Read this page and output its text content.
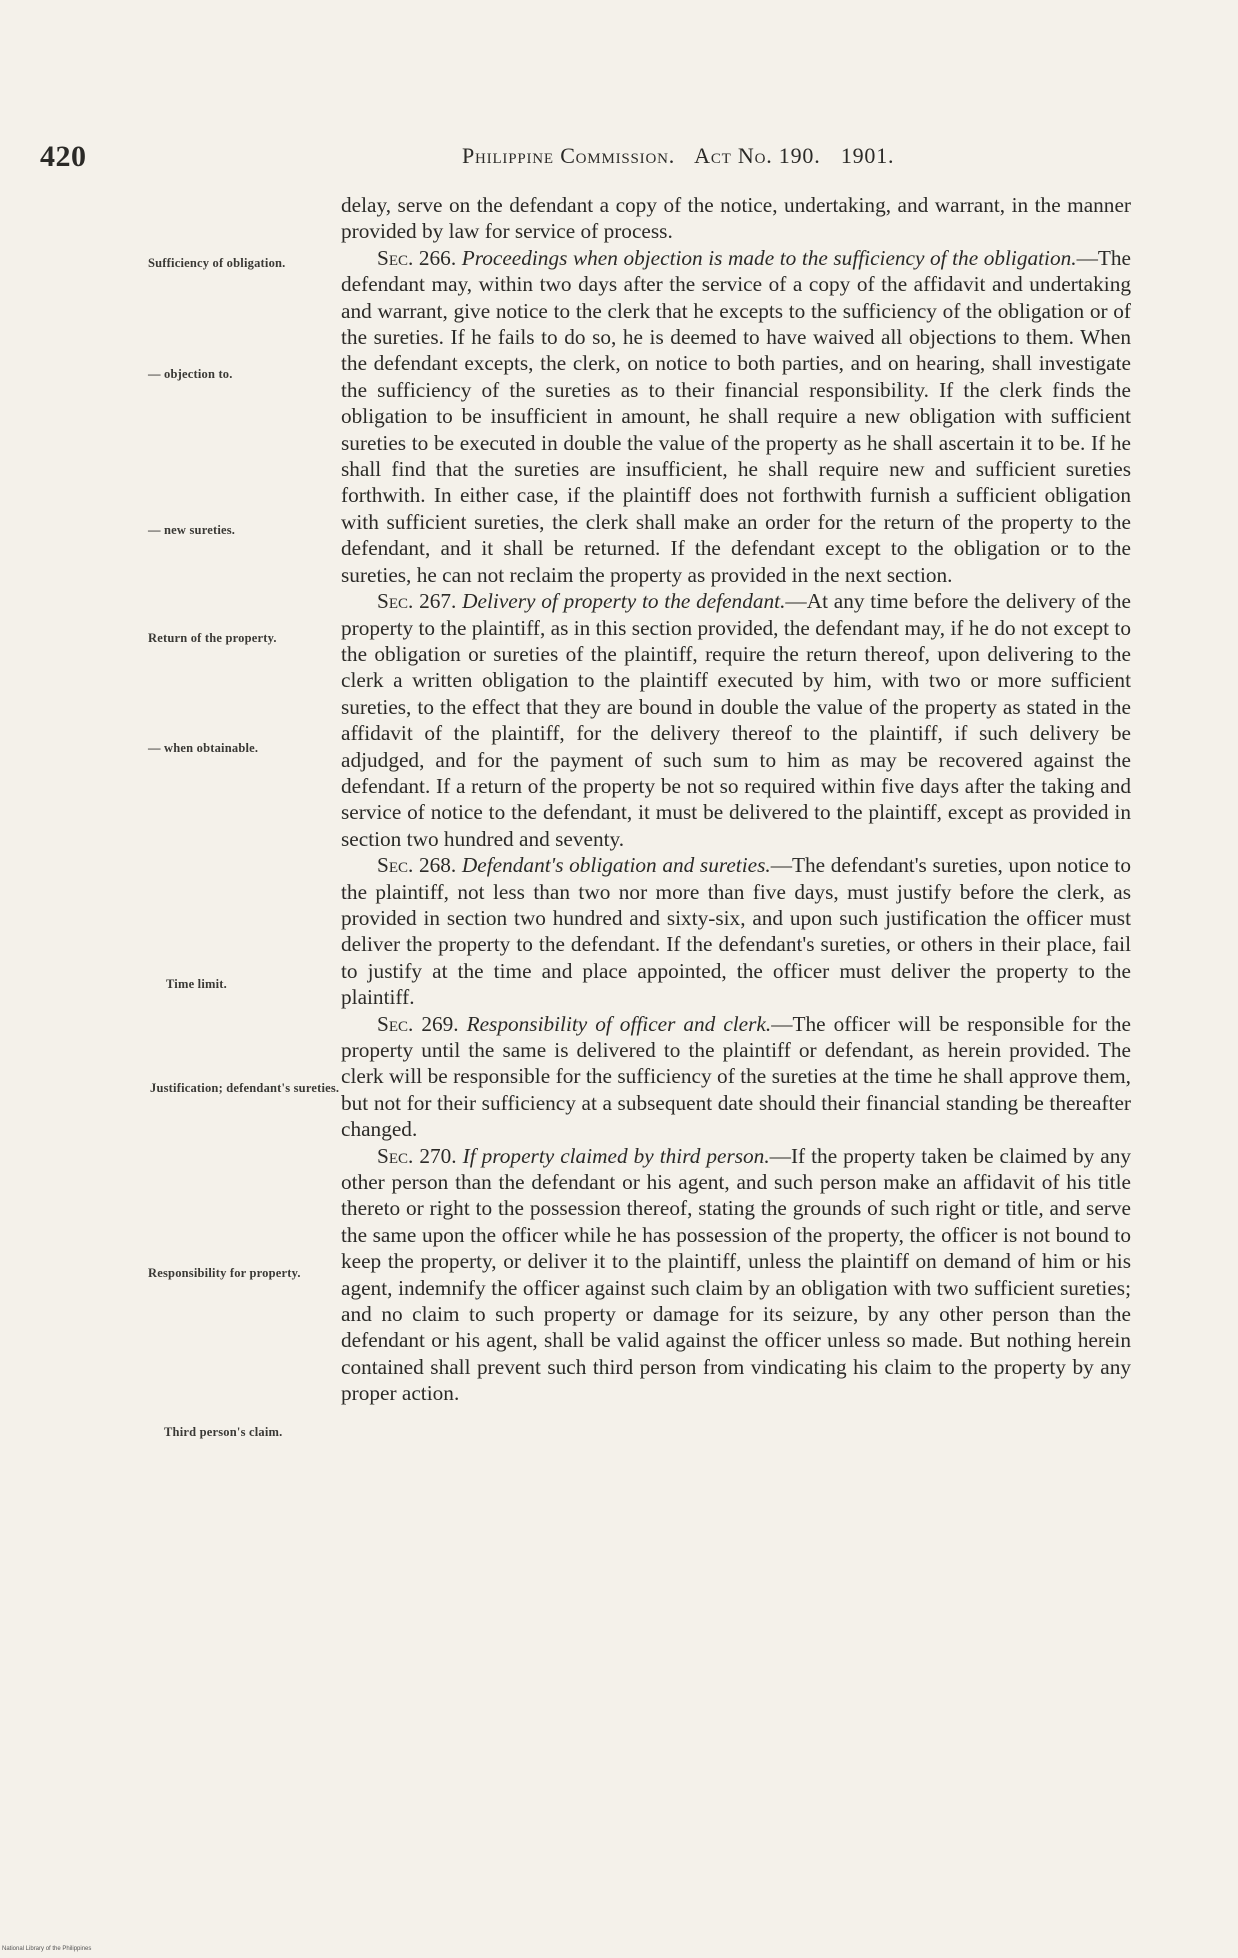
420	Philippine Commission. Act No. 190. 1901.
Sufficiency of obligation.
— objection to.
— new sureties.
Return of the property.
— when obtainable.
Time limit.
Justification; defendant's sureties.
Responsibility for property.
Third person's claim.

delay, serve on the defendant a copy of the notice, undertaking, and warrant, in the manner provided by law for service of process.

Sec. 266. Proceedings when objection is made to the sufficiency of the obligation.—The defendant may, within two days after the service of a copy of the affidavit and undertaking and warrant, give notice to the clerk that he excepts to the sufficiency of the obligation or of the sureties. If he fails to do so, he is deemed to have waived all objections to them. When the defendant excepts, the clerk, on notice to both parties, and on hearing, shall investigate the sufficiency of the sureties as to their financial responsibility. If the clerk finds the obligation to be insufficient in amount, he shall require a new obligation with sufficient sureties to be executed in double the value of the property as he shall ascertain it to be. If he shall find that the sureties are insufficient, he shall require new and sufficient sureties forthwith. In either case, if the plaintiff does not forthwith furnish a sufficient obligation with sufficient sureties, the clerk shall make an order for the return of the property to the defendant, and it shall be returned. If the defendant except to the obligation or to the sureties, he can not reclaim the property as provided in the next section.

Sec. 267. Delivery of property to the defendant.—At any time before the delivery of the property to the plaintiff, as in this section provided, the defendant may, if he do not except to the obligation or sureties of the plaintiff, require the return thereof, upon delivering to the clerk a written obligation to the plaintiff executed by him, with two or more sufficient sureties, to the effect that they are bound in double the value of the property as stated in the affidavit of the plaintiff, for the delivery thereof to the plaintiff, if such delivery be adjudged, and for the payment of such sum to him as may be recovered against the defendant. If a return of the property be not so required within five days after the taking and service of notice to the defendant, it must be delivered to the plaintiff, except as provided in section two hundred and seventy.

Sec. 268. Defendant's obligation and sureties.—The defendant's sureties, upon notice to the plaintiff, not less than two nor more than five days, must justify before the clerk, as provided in section two hundred and sixty-six, and upon such justification the officer must deliver the property to the defendant. If the defendant's sureties, or others in their place, fail to justify at the time and place appointed, the officer must deliver the property to the plaintiff.

Sec. 269. Responsibility of officer and clerk.—The officer will be responsible for the property until the same is delivered to the plaintiff or defendant, as herein provided. The clerk will be responsible for the sufficiency of the sureties at the time he shall approve them, but not for their sufficiency at a subsequent date should their financial standing be thereafter changed.

Sec. 270. If property claimed by third person.—If the property taken be claimed by any other person than the defendant or his agent, and such person make an affidavit of his title thereto or right to the possession thereof, stating the grounds of such right or title, and serve the same upon the officer while he has possession of the property, the officer is not bound to keep the property, or deliver it to the plaintiff, unless the plaintiff on demand of him or his agent, indemnify the officer against such claim by an obligation with two sufficient sureties; and no claim to such property or damage for its seizure, by any other person than the defendant or his agent, shall be valid against the officer unless so made. But nothing herein contained shall prevent such third person from vindicating his claim to the property by any proper action.

National Library of the Philippines
